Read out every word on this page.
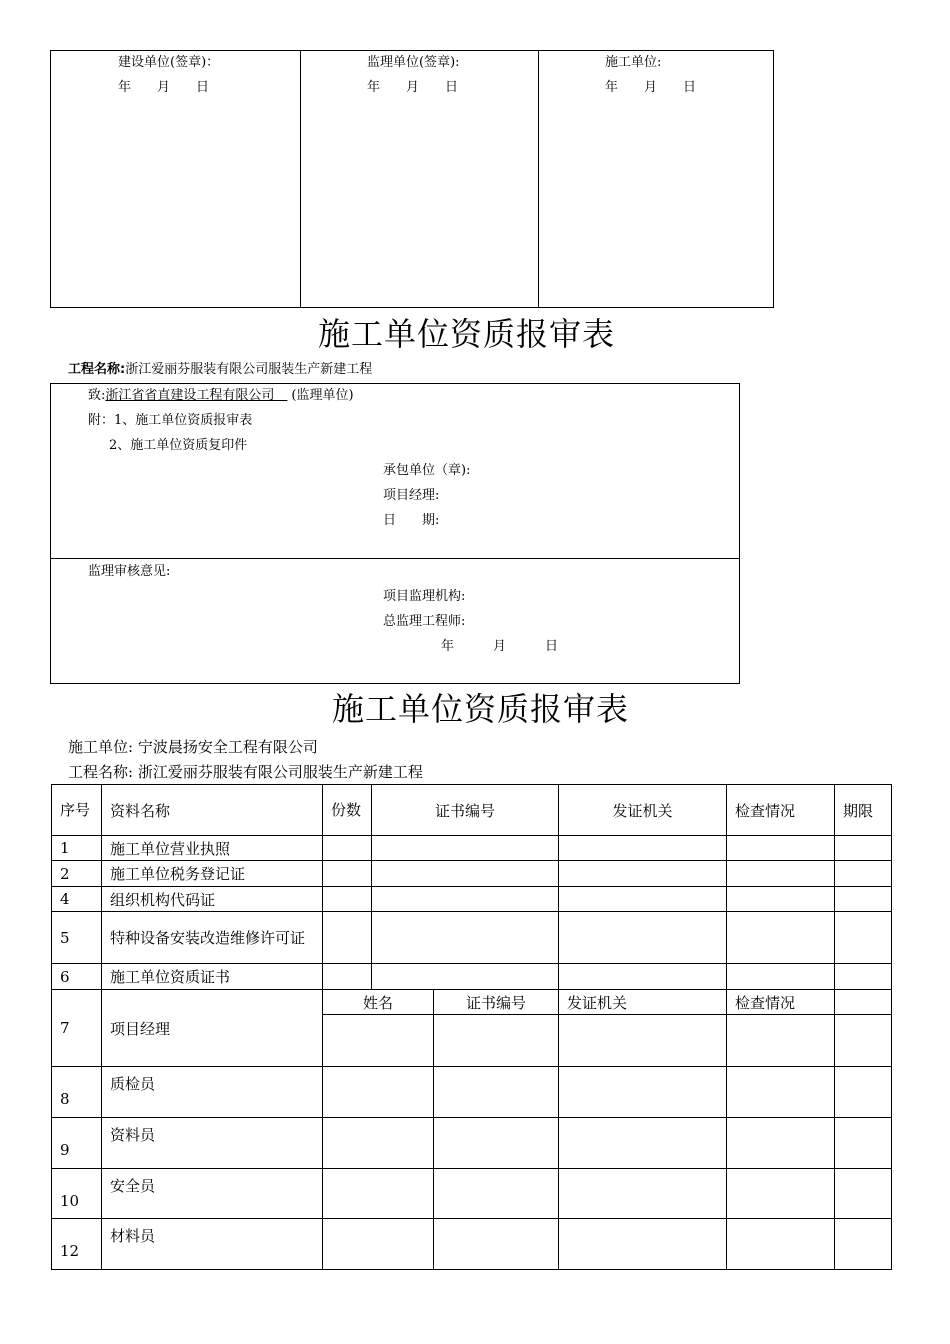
建设单位(签章)：
年　　月　　日
监理单位(签章):
年　　月　　日
施工单位:
年　　月　　日
施工单位资质报审表
工程名称:浙江爱丽芬服装有限公司服装生产新建工程
致:浙江省省直建设工程有限公司　(监理单位)
附：1、施工单位资质报审表
2、施工单位资质复印件
承包单位（章):
项目经理:
日　　期:
监理审核意见:
项目监理机构:
总监理工程师:
年　　　月　　　日
施工单位资质报审表
施工单位: 宁波晨扬安全工程有限公司
工程名称: 浙江爱丽芬服装有限公司服装生产新建工程
序号	资料名称	份数	证书编号		发证机关	检查情况	期限
1	施工单位营业执照						
2	施工单位税务登记证						
4	组织机构代码证						
5	特种设备安装改造维修许可证						
6	施工单位资质证书						
7	项目经理	姓名		证书编号	发证机关	检查情况	

8	质检员						
9	资料员						
10	安全员						
12	材料员						
